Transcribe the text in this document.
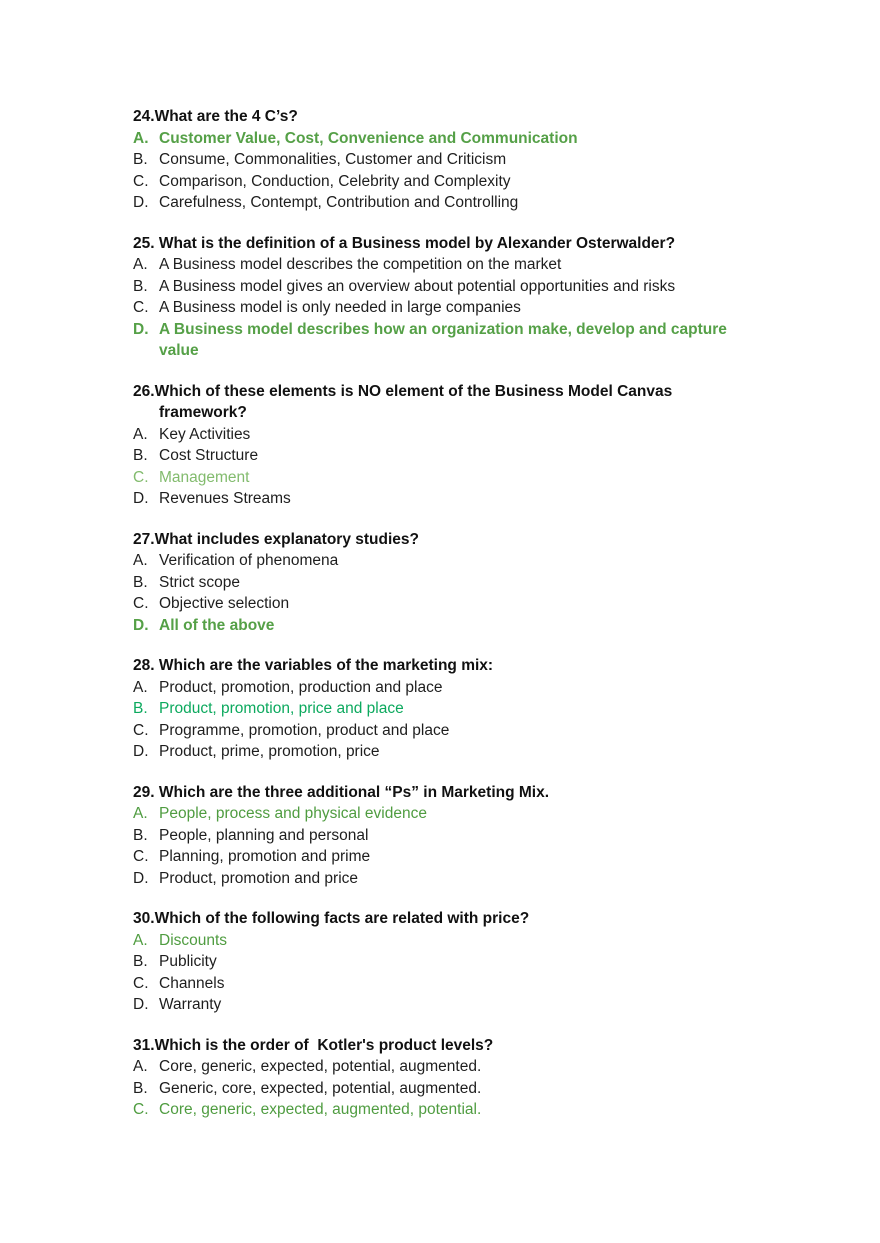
24.What are the 4 C’s?

A. Customer Value, Cost, Convenience and Communication
B. Consume, Commonalities, Customer and Criticism
C. Comparison, Conduction, Celebrity and Complexity
D. Carefulness, Contempt, Contribution and Controlling

25. What is the definition of a Business model by Alexander Osterwalder?

A. A Business model describes the competition on the market
B. A Business model gives an overview about potential opportunities and risks
C. A Business model is only needed in large companies
D. A Business model describes how an organization make, develop and capture value

26.Which of these elements is NO element of the Business Model Canvas framework?

A. Key Activities
B. Cost Structure
C. Management
D. Revenues Streams

27.What includes explanatory studies?

A. Verification of phenomena
B. Strict scope
C. Objective selection
D. All of the above

28. Which are the variables of the marketing mix:

A. Product, promotion, production and place
B. Product, promotion, price and place
C. Programme, promotion, product and place
D. Product, prime, promotion, price

29. Which are the three additional “Ps” in Marketing Mix.

A. People, process and physical evidence
B. People, planning and personal
C. Planning, promotion and prime
D. Product, promotion and price

30.Which of the following facts are related with price?

A. Discounts
B. Publicity
C. Channels
D. Warranty

31.Which is the order of  Kotler's product levels?

A. Core, generic, expected, potential, augmented.
B. Generic, core, expected, potential, augmented.
C. Core, generic, expected, augmented, potential.
